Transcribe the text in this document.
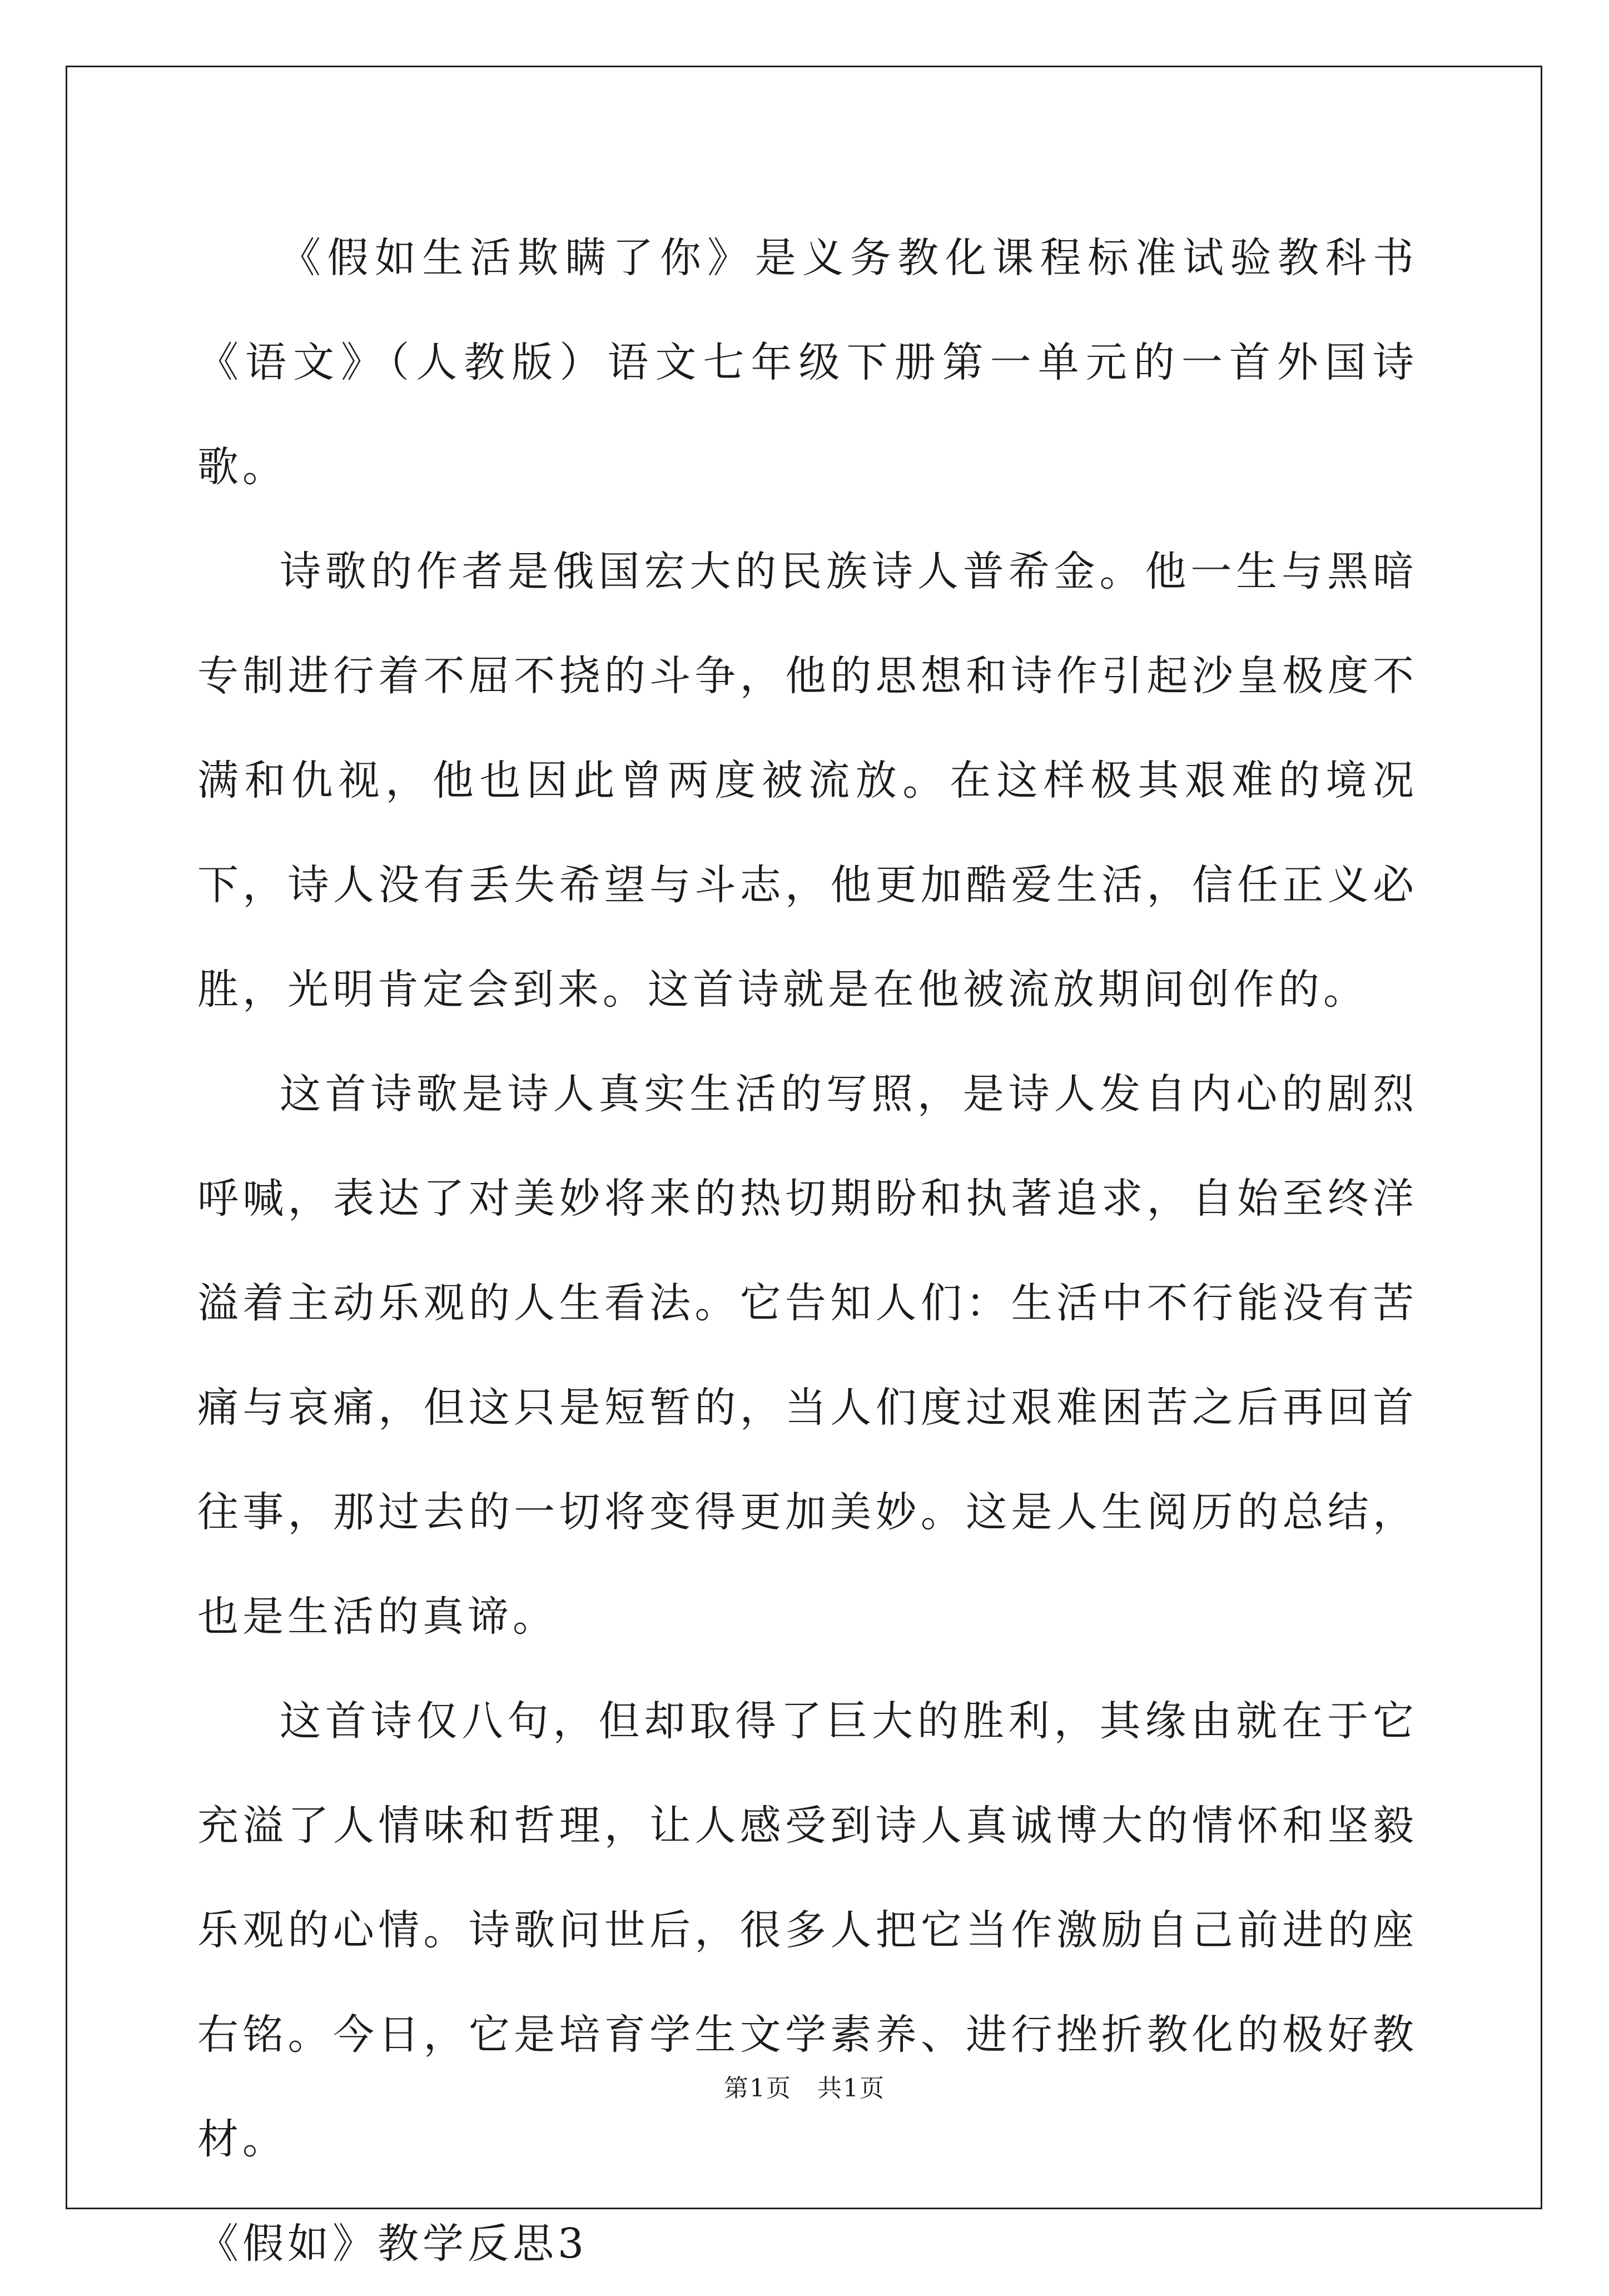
《假如生活欺瞒了你》是义务教化课程标准试验教科书《语文》（人教版）语文七年级下册第一单元的一首外国诗歌。

诗歌的作者是俄国宏大的民族诗人普希金。他一生与黑暗专制进行着不屈不挠的斗争，他的思想和诗作引起沙皇极度不满和仇视，他也因此曾两度被流放。在这样极其艰难的境况下，诗人没有丢失希望与斗志，他更加酷爱生活，信任正义必胜，光明肯定会到来。这首诗就是在他被流放期间创作的。

这首诗歌是诗人真实生活的写照，是诗人发自内心的剧烈呼喊，表达了对美妙将来的热切期盼和执著追求，自始至终洋溢着主动乐观的人生看法。它告知人们：生活中不行能没有苦痛与哀痛，但这只是短暂的，当人们度过艰难困苦之后再回首往事，那过去的一切将变得更加美妙。这是人生阅历的总结，也是生活的真谛。

这首诗仅八句，但却取得了巨大的胜利，其缘由就在于它充溢了人情味和哲理，让人感受到诗人真诚博大的情怀和坚毅乐观的心情。诗歌问世后，很多人把它当作激励自己前进的座右铭。今日，它是培育学生文学素养、进行挫折教化的极好教材。

《假如》教学反思3

第1页　共1页
